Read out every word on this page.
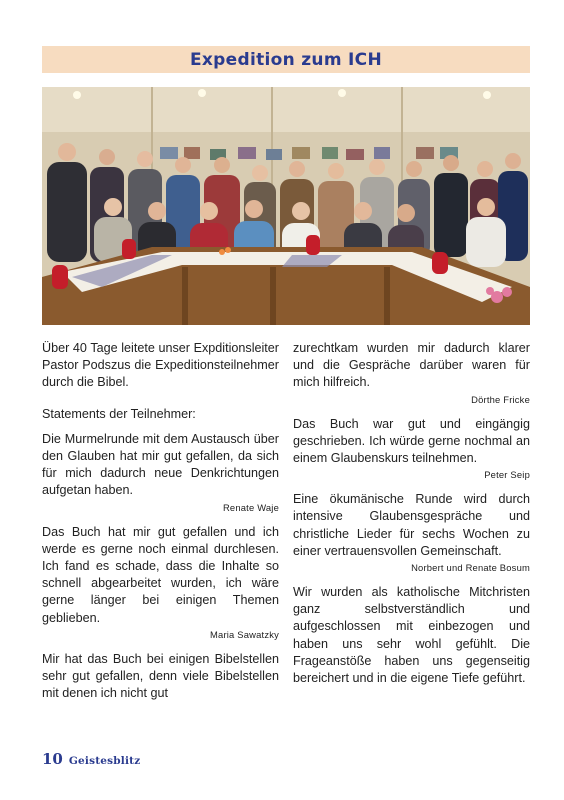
Expedition zum ICH

Über 40 Tage leitete unser Expditionsleiter Pastor Podszus die Expeditionsteilnehmer durch die Bibel.

Statements der Teilnehmer:

Die Murmelrunde mit dem Austausch über den Glauben hat mir gut gefallen, da sich für mich dadurch neue Denkrichtungen aufgetan haben.

Renate Waje

Das Buch hat mir gut gefallen und ich werde es gerne noch einmal durchlesen. Ich fand es schade, dass die Inhalte so schnell abgearbeitet wurden, ich wäre gerne länger bei einigen Themen geblieben.

Maria Sawatzky

Mir hat das Buch bei einigen Bibelstellen sehr gut gefallen, denn viele Bibelstellen mit denen ich nicht gut

zurechtkam wurden mir dadurch klarer und die Gespräche darüber waren für mich hilfreich.

Dörthe Fricke

Das Buch war gut und eingängig geschrieben. Ich würde gerne nochmal an einem Glaubenskurs teilnehmen.

Peter Seip

Eine ökumänische Runde wird durch intensive Glaubensgespräche und christliche Lieder für sechs Wochen zu einer vertrauensvollen Gemeinschaft.

Norbert und Renate Bosum

Wir wurden als katholische Mitchristen ganz selbstverständlich und aufgeschlossen mit einbezogen und haben uns sehr wohl gefühlt. Die Frageanstöße haben uns gegenseitig bereichert und in die eigene Tiefe geführt.

10 Geistesblitz
